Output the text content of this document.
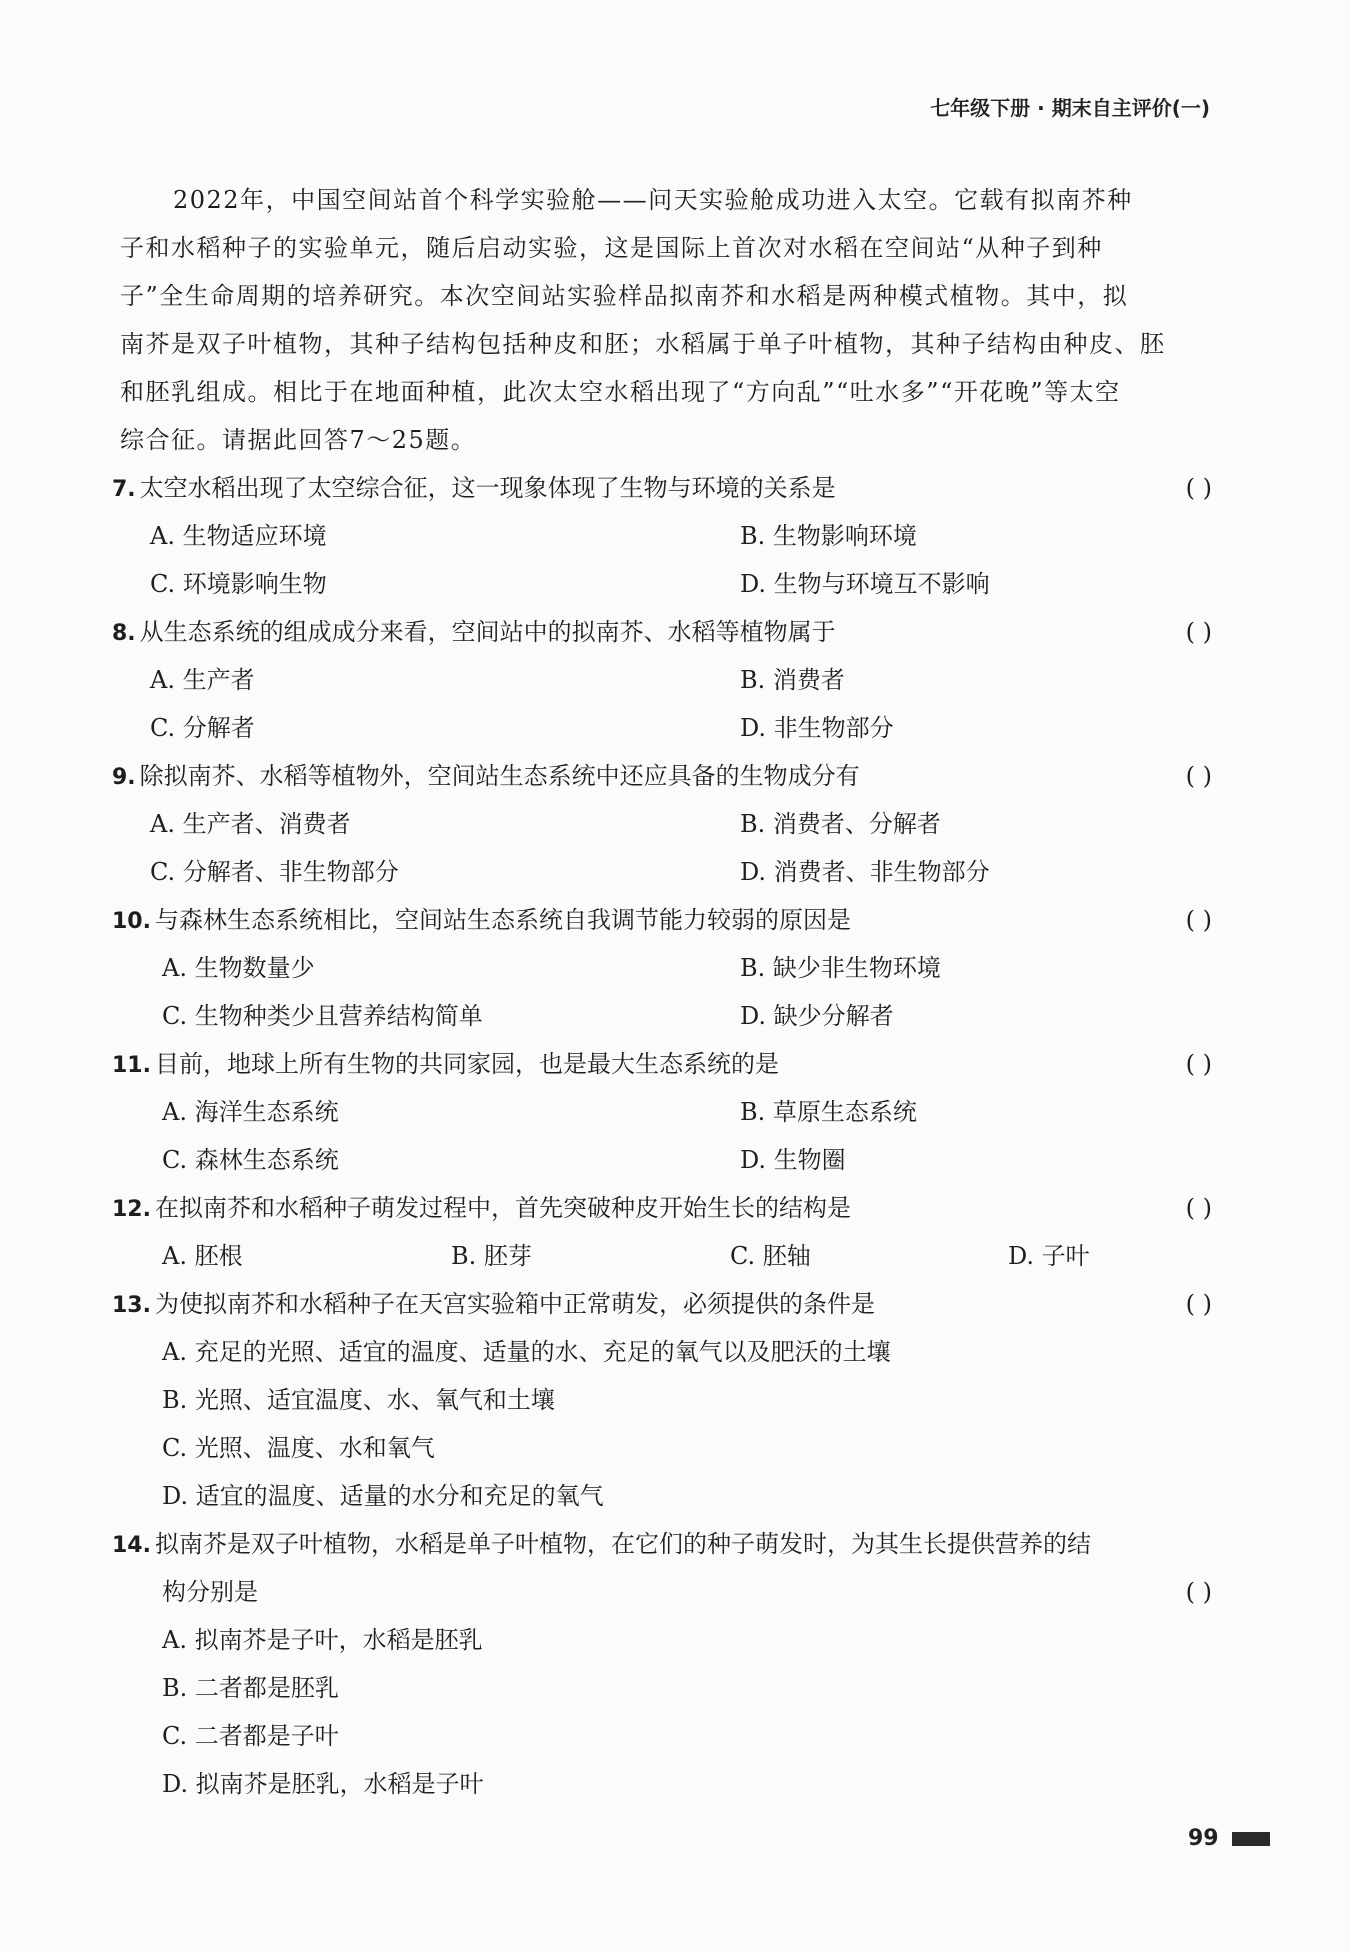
七年级下册 · 期末自主评价(一)
2022年，中国空间站首个科学实验舱——问天实验舱成功进入太空。它载有拟南芥种
子和水稻种子的实验单元，随后启动实验，这是国际上首次对水稻在空间站“从种子到种
子”全生命周期的培养研究。本次空间站实验样品拟南芥和水稻是两种模式植物。其中，拟
南芥是双子叶植物，其种子结构包括种皮和胚；水稻属于单子叶植物，其种子结构由种皮、胚
和胚乳组成。相比于在地面种植，此次太空水稻出现了“方向乱”“吐水多”“开花晚”等太空
综合征。请据此回答7～25题。
7. 太空水稻出现了太空综合征，这一现象体现了生物与环境的关系是	( )
A. 生物适应环境	B. 生物影响环境
C. 环境影响生物	D. 生物与环境互不影响
8. 从生态系统的组成成分来看，空间站中的拟南芥、水稻等植物属于	( )
A. 生产者	B. 消费者
C. 分解者	D. 非生物部分
9. 除拟南芥、水稻等植物外，空间站生态系统中还应具备的生物成分有	( )
A. 生产者、消费者	B. 消费者、分解者
C. 分解者、非生物部分	D. 消费者、非生物部分
10. 与森林生态系统相比，空间站生态系统自我调节能力较弱的原因是	( )
A. 生物数量少	B. 缺少非生物环境
C. 生物种类少且营养结构简单	D. 缺少分解者
11. 目前，地球上所有生物的共同家园，也是最大生态系统的是	( )
A. 海洋生态系统	B. 草原生态系统
C. 森林生态系统	D. 生物圈
12. 在拟南芥和水稻种子萌发过程中，首先突破种皮开始生长的结构是	( )
A. 胚根	B. 胚芽	C. 胚轴	D. 子叶
13. 为使拟南芥和水稻种子在天宫实验箱中正常萌发，必须提供的条件是	( )
A. 充足的光照、适宜的温度、适量的水、充足的氧气以及肥沃的土壤
B. 光照、适宜温度、水、氧气和土壤
C. 光照、温度、水和氧气
D. 适宜的温度、适量的水分和充足的氧气
14. 拟南芥是双子叶植物，水稻是单子叶植物，在它们的种子萌发时，为其生长提供营养的结
构分别是	( )
A. 拟南芥是子叶，水稻是胚乳
B. 二者都是胚乳
C. 二者都是子叶
D. 拟南芥是胚乳，水稻是子叶
99
